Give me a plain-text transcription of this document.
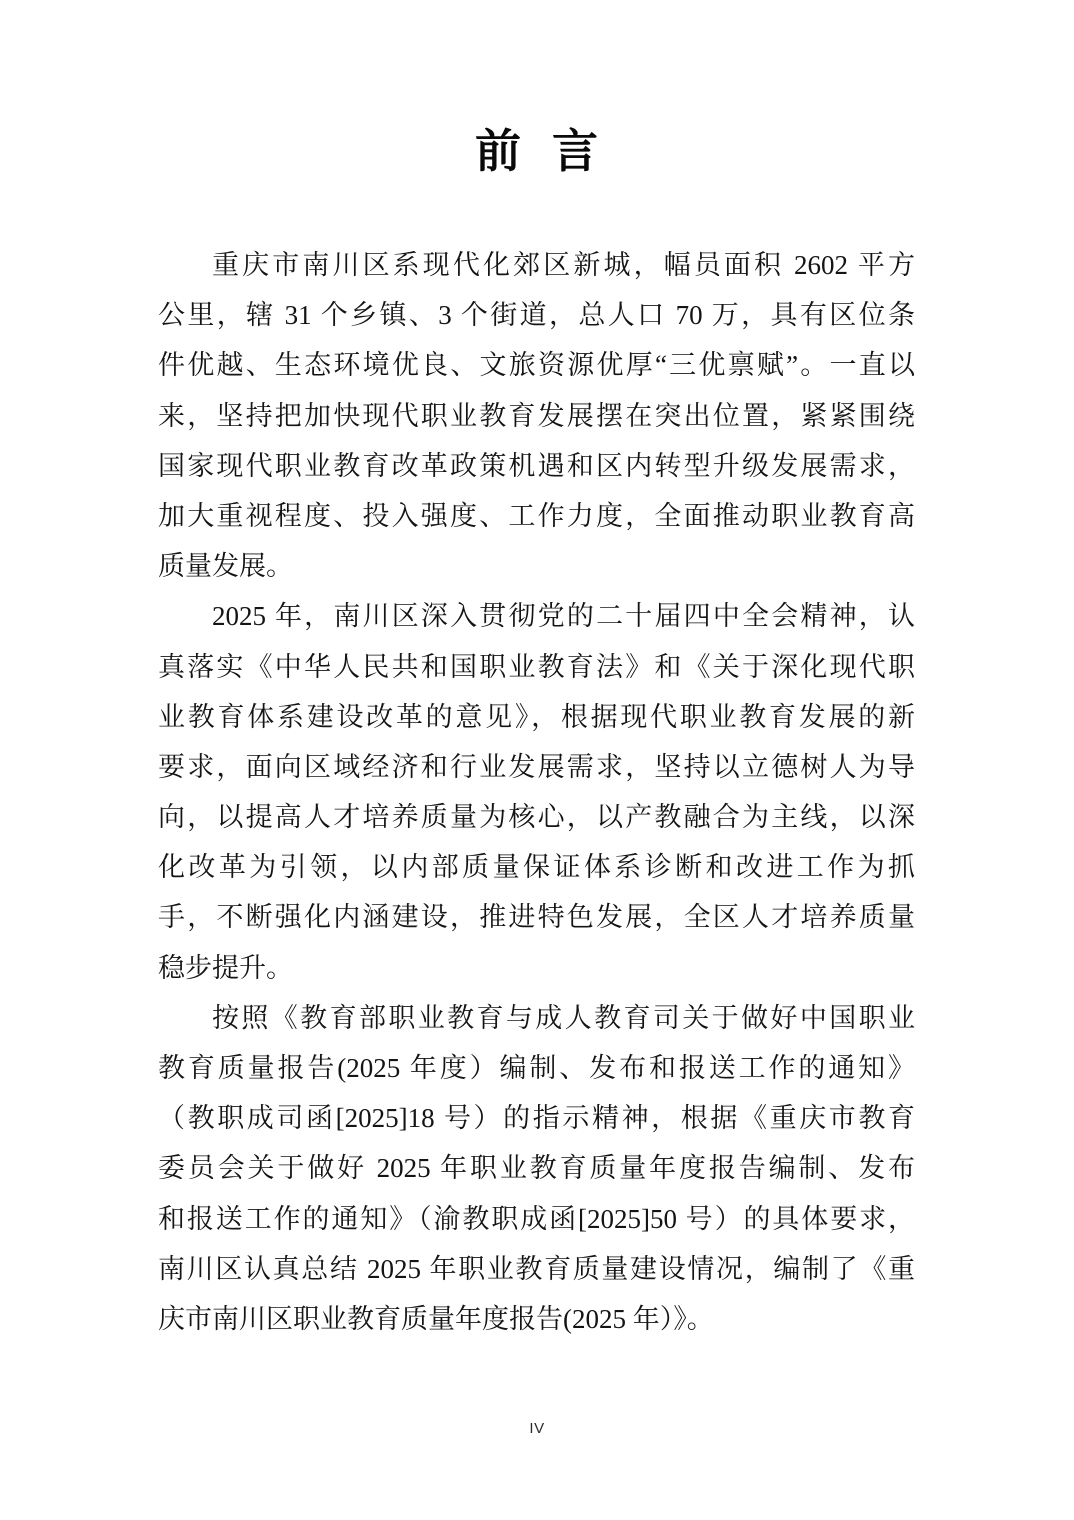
前 言
重庆市南川区系现代化郊区新城，幅员面积 2602 平方
公里，辖 31 个乡镇、3 个街道，总人口 70 万，具有区位条
件优越、生态环境优良、文旅资源优厚“三优禀赋”。一直以
来，坚持把加快现代职业教育发展摆在突出位置，紧紧围绕
国家现代职业教育改革政策机遇和区内转型升级发展需求，
加大重视程度、投入强度、工作力度，全面推动职业教育高
质量发展。
2025 年，南川区深入贯彻党的二十届四中全会精神，认
真落实《中华人民共和国职业教育法》和《关于深化现代职
业教育体系建设改革的意见》，根据现代职业教育发展的新
要求，面向区域经济和行业发展需求，坚持以立德树人为导
向，以提高人才培养质量为核心，以产教融合为主线，以深
化改革为引领，以内部质量保证体系诊断和改进工作为抓
手，不断强化内涵建设，推进特色发展，全区人才培养质量
稳步提升。
按照《教育部职业教育与成人教育司关于做好中国职业
教育质量报告(2025 年度）编制、发布和报送工作的通知》
（教职成司函[2025]18 号）的指示精神，根据《重庆市教育
委员会关于做好 2025 年职业教育质量年度报告编制、发布
和报送工作的通知》（渝教职成函[2025]50 号）的具体要求，
南川区认真总结 2025 年职业教育质量建设情况，编制了《重
庆市南川区职业教育质量年度报告(2025 年）》。
IV
